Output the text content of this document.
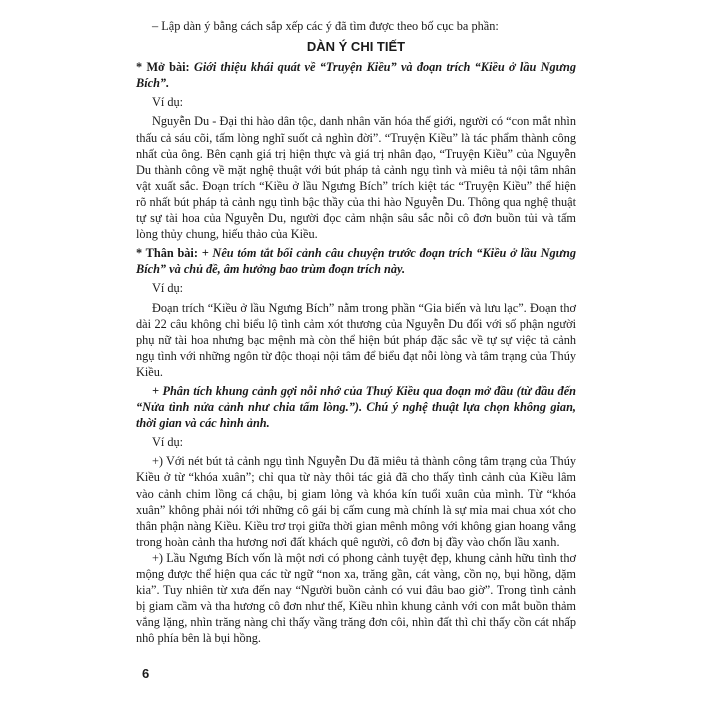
– Lập dàn ý bằng cách sắp xếp các ý đã tìm được theo bố cục ba phần:

DÀN Ý CHI TIẾT

* Mở bài: Giới thiệu khái quát về “Truyện Kiều” và đoạn trích “Kiều ở lầu Ngưng Bích”.

Ví dụ:

Nguyễn Du - Đại thi hào dân tộc, danh nhân văn hóa thế giới, người có “con mắt nhìn thấu cả sáu cõi, tấm lòng nghĩ suốt cả nghìn đời”. “Truyện Kiều” là tác phẩm thành công nhất của ông. Bên cạnh giá trị hiện thực và giá trị nhân đạo, “Truyện Kiều” của Nguyễn Du thành công về mặt nghệ thuật với bút pháp tả cảnh ngụ tình và miêu tả nội tâm nhân vật xuất sắc. Đoạn trích “Kiều ở lầu Ngưng Bích” trích kiệt tác “Truyện Kiều” thể hiện rõ nhất bút pháp tả cảnh ngụ tình bậc thầy của thi hào Nguyễn Du. Thông qua nghệ thuật tự sự tài hoa của Nguyễn Du, người đọc cảm nhận sâu sắc nỗi cô đơn buồn tủi và tấm lòng thủy chung, hiếu thảo của Kiều.

* Thân bài: + Nêu tóm tắt bối cảnh câu chuyện trước đoạn trích “Kiều ở lầu Ngưng Bích” và chủ đề, âm hưởng bao trùm đoạn trích này.

Ví dụ:

Đoạn trích “Kiều ở lầu Ngưng Bích” nằm trong phần “Gia biến và lưu lạc”. Đoạn thơ dài 22 câu không chỉ biểu lộ tình cảm xót thương của Nguyễn Du đối với số phận người phụ nữ tài hoa nhưng bạc mệnh mà còn thể hiện bút pháp đặc sắc về tự sự việc tả cảnh ngụ tình với những ngôn từ độc thoại nội tâm để biểu đạt nỗi lòng và tâm trạng của Thúy Kiều.

+ Phân tích khung cảnh gợi nỗi nhớ của Thuý Kiều qua đoạn mở đầu (từ đầu đến “Nửa tình nửa cảnh như chia tấm lòng.”). Chú ý nghệ thuật lựa chọn không gian, thời gian và các hình ảnh.

Ví dụ:

+) Với nét bút tả cảnh ngụ tình Nguyễn Du đã miêu tả thành công tâm trạng của Thúy Kiều ở từ “khóa xuân”; chỉ qua từ này thôi tác giả đã cho thấy tình cảnh của Kiều lâm vào cảnh chim lồng cá chậu, bị giam lỏng và khóa kín tuổi xuân của mình. Từ “khóa xuân” không phải nói tới những cô gái bị cấm cung mà chính là sự mỉa mai chua xót cho thân phận nàng Kiều. Kiều trơ trọi giữa thời gian mênh mông với không gian hoang vắng trong hoàn cảnh tha hương nơi đất khách quê người, cô đơn bị đầy vào chốn lầu xanh.

+) Lầu Ngưng Bích vốn là một nơi có phong cảnh tuyệt đẹp, khung cảnh hữu tình thơ mộng được thể hiện qua các từ ngữ “non xa, trăng gần, cát vàng, cồn nọ, bụi hồng, dặm kia”. Tuy nhiên từ xưa đến nay “Người buồn cảnh có vui đâu bao giờ”. Trong tình cảnh bị giam cầm và tha hương cô đơn như thế, Kiều nhìn khung cảnh với con mắt buồn thảm vắng lặng, nhìn trăng nàng chỉ thấy vầng trăng đơn côi, nhìn đất thì chỉ thấy cồn cát nhấp nhô phía bên là bụi hồng.

6
